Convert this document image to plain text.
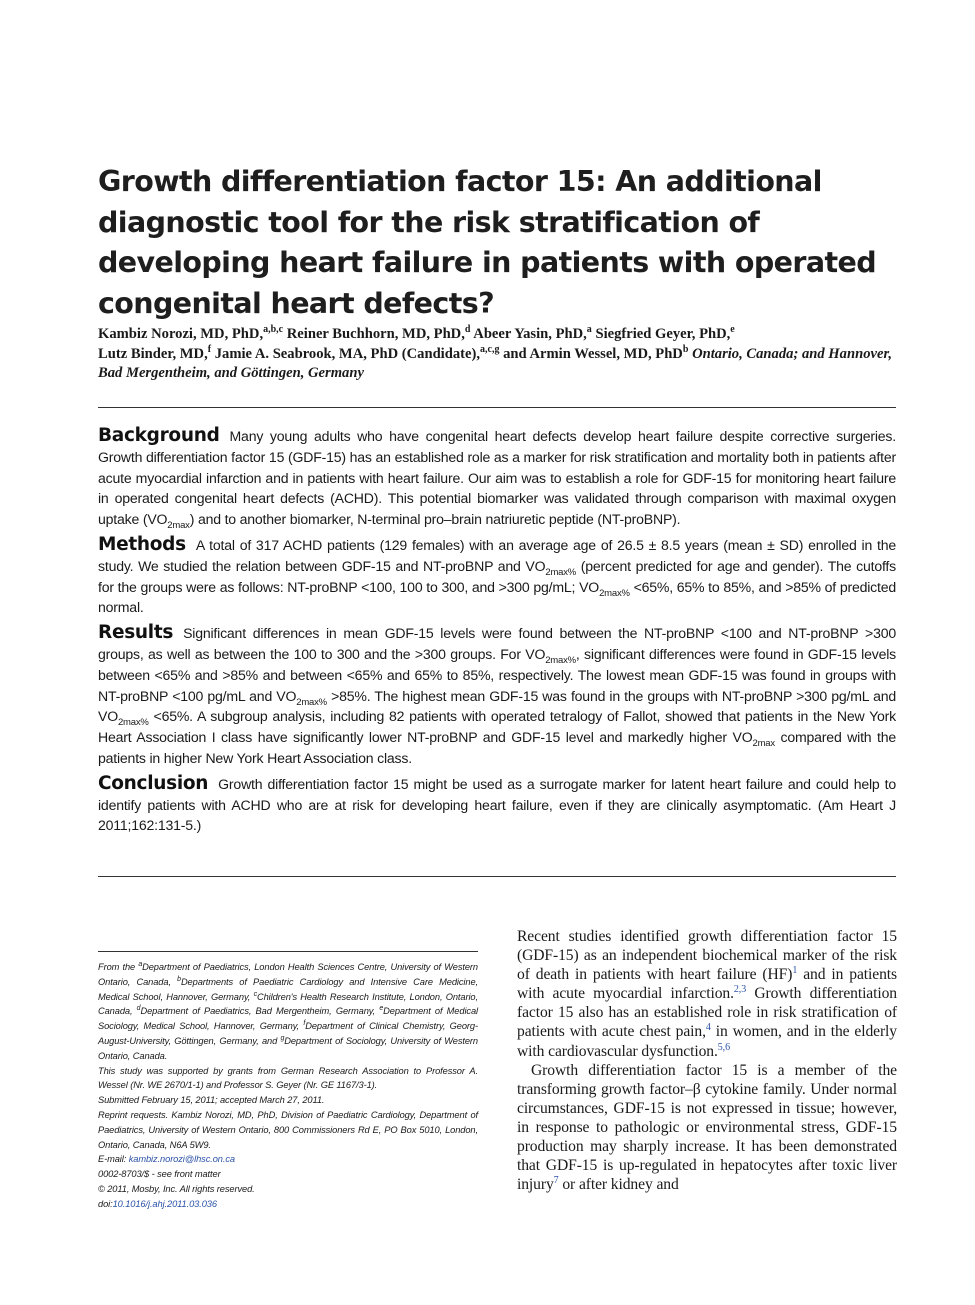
Growth differentiation factor 15: An additional diagnostic tool for the risk stratification of developing heart failure in patients with operated congenital heart defects?
Kambiz Norozi, MD, PhD,$^{a,b,c}$ Reiner Buchhorn, MD, PhD,$^d$ Abeer Yasin, PhD,$^a$ Siegfried Geyer, PhD,$^e$
Lutz Binder, MD,$^f$ Jamie A. Seabrook, MA, PhD (Candidate),$^{a,c,g}$ and Armin Wessel, MD, PhD$^b$ Ontario, Canada; and Hannover, Bad Mergentheim, and Göttingen, Germany

Background Many young adults who have congenital heart defects develop heart failure despite corrective surgeries. Growth differentiation factor 15 (GDF-15) has an established role as a marker for risk stratification and mortality both in patients after acute myocardial infarction and in patients with heart failure. Our aim was to establish a role for GDF-15 for monitoring heart failure in operated congenital heart defects (ACHD). This potential biomarker was validated through comparison with maximal oxygen uptake $(VO_{2max})$ and to another biomarker, N-terminal pro–brain natriuretic peptide (NT-proBNP).

Methods A total of 317 ACHD patients (129 females) with an average age of 26.5 ± 8.5 years (mean ± SD) enrolled in the study. We studied the relation between GDF-15 and NT-proBNP and $VO_{2max\%}$ (percent predicted for age and gender). The cutoffs for the groups were as follows: NT-proBNP <100, 100 to 300, and >300 pg/mL; $VO_{2max\%} <65\%$, 65% to 85%, and >85% of predicted normal.

Results Significant differences in mean GDF-15 levels were found between the NT-proBNP <100 and NT-proBNP >300 groups, as well as between the 100 to 300 and the >300 groups. For $VO_{2max\%}$, significant differences were found in GDF-15 levels between <65% and >85% and between <65% and 65% to 85%, respectively. The lowest mean GDF-15 was found in groups with NT-proBNP <100 pg/mL and $VO_{2max\%} >85\%$. The highest mean GDF-15 was found in the groups with NT-proBNP >300 pg/mL and $VO_{2max\%} <65\%$. A subgroup analysis, including 82 patients with operated tetralogy of Fallot, showed that patients in the New York Heart Association I class have significantly lower NT-proBNP and GDF-15 level and markedly higher $VO_{2max}$ compared with the patients in higher New York Heart Association class.

Conclusion Growth differentiation factor 15 might be used as a surrogate marker for latent heart failure and could help to identify patients with ACHD who are at risk for developing heart failure, even if they are clinically asymptomatic. (Am Heart J 2011;162:131-5.)

From the $^a$Department of Paediatrics, London Health Sciences Centre, University of Western Ontario, Canada, $^b$Departments of Paediatric Cardiology and Intensive Care Medicine, Medical School, Hannover, Germany, $^c$Children's Health Research Institute, London, Ontario, Canada, $^d$Department of Paediatrics, Bad Mergentheim, Germany, $^e$Department of Medical Sociology, Medical School, Hannover, Germany, $^f$Department of Clinical Chemistry, Georg-August-University, Göttingen, Germany, and $^g$Department of Sociology, University of Western Ontario, Canada.

This study was supported by grants from German Research Association to Professor A. Wessel (Nr. WE 2670/1-1) and Professor S. Geyer (Nr. GE 1167/3-1).

Submitted February 15, 2011; accepted March 27, 2011.

Reprint requests. Kambiz Norozi, MD, PhD, Division of Paediatric Cardiology, Department of Paediatrics, University of Western Ontario, 800 Commissioners Rd E, PO Box 5010, London, Ontario, Canada, N6A 5W9.

E-mail: kambiz.norozi@lhsc.on.ca

0002-8703/$ - see front matter

© 2011, Mosby, Inc. All rights reserved.

doi:10.1016/j.ahj.2011.03.036

Recent studies identified growth differentiation factor 15 (GDF-15) as an independent biochemical marker of the risk of death in patients with heart failure (HF)$^1$ and in patients with acute myocardial infarction.$^{2,3}$ Growth differentiation factor 15 also has an established role in risk stratification of patients with acute chest pain,$^4$ in women, and in the elderly with cardiovascular dysfunction.$^{5,6}$

Growth differentiation factor 15 is a member of the transforming growth factor–β cytokine family. Under normal circumstances, GDF-15 is not expressed in tissue; however, in response to pathologic or environmental stress, GDF-15 production may sharply increase. It has been demonstrated that GDF-15 is up-regulated in hepatocytes after toxic liver injury$^7$ or after kidney and
